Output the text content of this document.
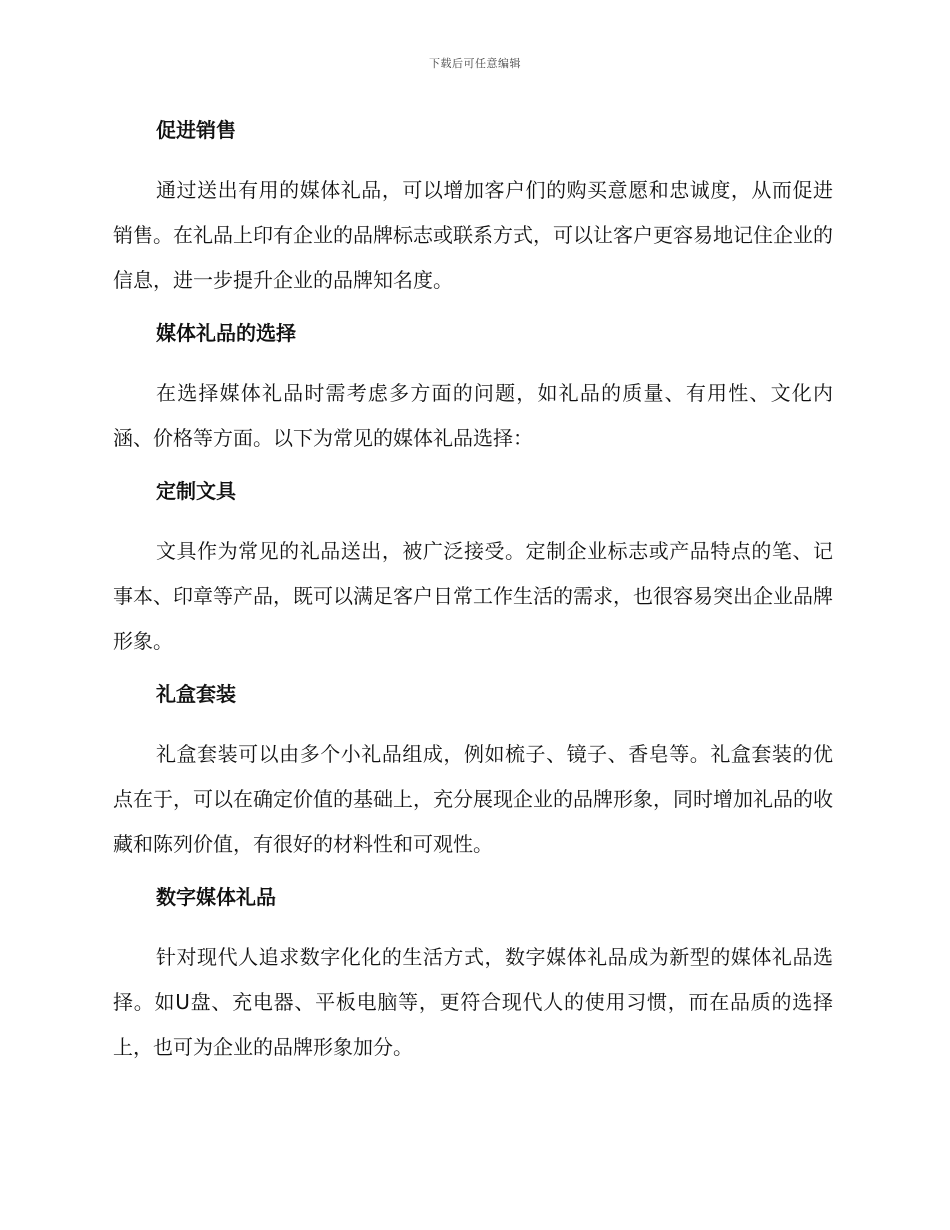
下载后可任意编辑
促进销售
通过送出有用的媒体礼品，可以增加客户们的购买意愿和忠诚度，从而促进销售。在礼品上印有企业的品牌标志或联系方式，可以让客户更容易地记住企业的信息，进一步提升企业的品牌知名度。
媒体礼品的选择
在选择媒体礼品时需考虑多方面的问题，如礼品的质量、有用性、文化内涵、价格等方面。以下为常见的媒体礼品选择：
定制文具
文具作为常见的礼品送出，被广泛接受。定制企业标志或产品特点的笔、记事本、印章等产品，既可以满足客户日常工作生活的需求，也很容易突出企业品牌形象。
礼盒套装
礼盒套装可以由多个小礼品组成，例如梳子、镜子、香皂等。礼盒套装的优点在于，可以在确定价值的基础上，充分展现企业的品牌形象，同时增加礼品的收藏和陈列价值，有很好的材料性和可观性。
数字媒体礼品
针对现代人追求数字化化的生活方式，数字媒体礼品成为新型的媒体礼品选择。如U盘、充电器、平板电脑等，更符合现代人的使用习惯，而在品质的选择上，也可为企业的品牌形象加分。
